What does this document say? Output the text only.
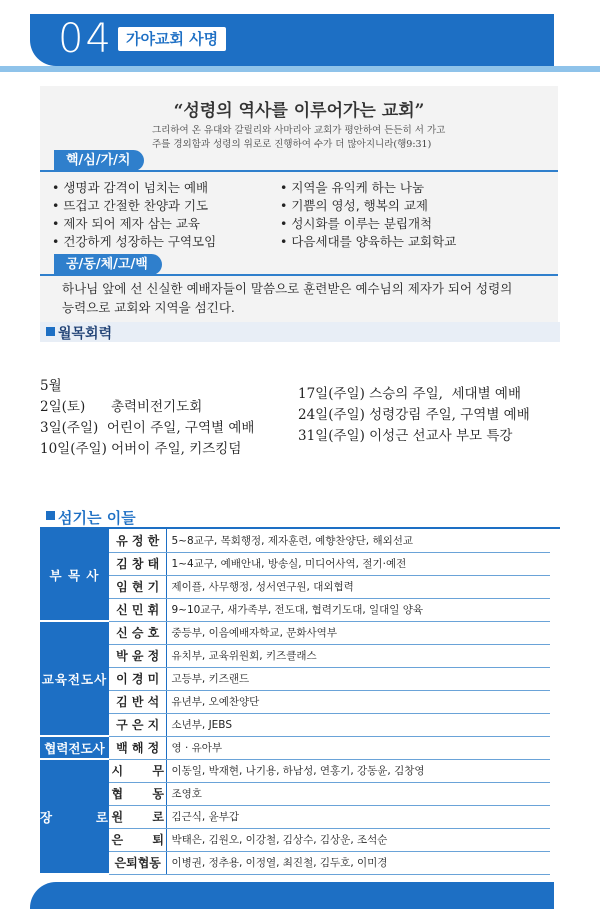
04 가야교회 사명
“성령의 역사를 이루어가는 교회”
그리하여 온 유대와 갈릴리와 사마리아 교회가 평안하여 든든히 서 가고
주를 경외함과 성령의 위로로 진행하여 수가 더 많아지니라(행9:31)
핵/심/가/치
• 생명과 감격이 넘치는 예배
• 뜨겁고 간절한 찬양과 기도
• 제자 되어 제자 삼는 교육
• 건강하게 성장하는 구역모임
• 지역을 유익케 하는 나눔
• 기쁨의 영성, 행복의 교제
• 성시화를 이루는 분립개척
• 다음세대를 양육하는 교회학교
공/동/체/고/백
하나님 앞에 선 신실한 예배자들이 말씀으로 훈련받은 예수님의 제자가 되어 성령의
능력으로 교회와 지역을 섬긴다.
월목회력
5월
2일(토)      총력비전기도회
3일(주일)  어린이 주일, 구역별 예배
10일(주일) 어버이 주일, 키즈킹덤
17일(주일) 스승의 주일,  세대별 예배
24일(주일) 성령강림 주일, 구역별 예배
31일(주일) 이성근 선교사 부모 특강
섬기는 이들
부 목 사	유 정 한	5~8교구, 목회행정, 제자훈련, 예향찬양단, 해외선교
	김 창 태	1~4교구, 예배안내, 방송실, 미디어사역, 절기·예전
	임 현 기	제이플, 사무행정, 성서연구원, 대외협력
	신 민 휘	9~10교구, 새가족부, 전도대, 협력기도대, 일대일 양육
교육전도사	신 승 호	중등부, 이음예배자학교, 문화사역부
	박 윤 정	유치부, 교육위원회, 키즈클래스
	이 경 미	고등부, 키즈랜드
	김 반 석	유년부, 오예찬양단
	구 은 지	소년부, JEBS
협력전도사	백 해 정	영 · 유아부
장        로	시       무	이동일, 박재현, 나기용, 하남성, 연홍기, 강동윤, 김창영
	협       동	조영호
	원       로	김근식, 윤부갑
	은       퇴	박태은, 김원오, 이강철, 김상수, 김상운, 조석순
	은퇴협동	이병권, 정추용, 이정열, 최진철, 김두호, 이미경
